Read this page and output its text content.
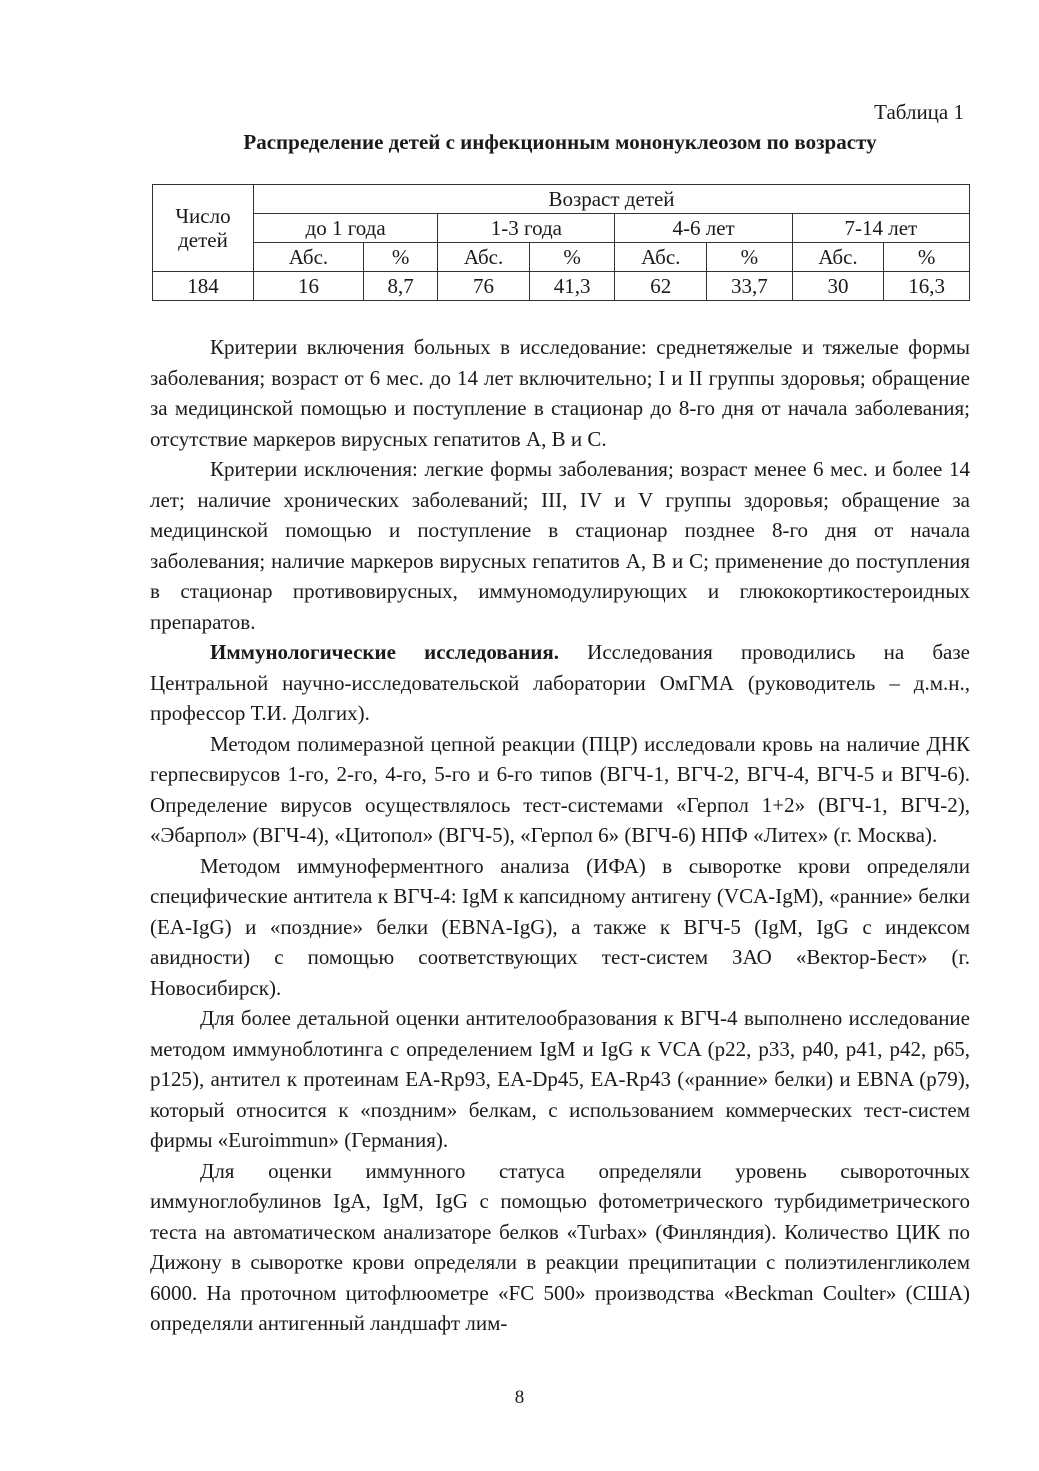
Таблица 1
Распределение детей с инфекционным мононуклеозом по возрасту
Число
детей	Возраст детей							
	до 1 года		1-3 года		4-6 лет		7-14 лет	
	Абс.	%	Абс.	%	Абс.	%	Абс.	%
184	16	8,7	76	41,3	62	33,7	30	16,3

Критерии включения больных в исследование: среднетяжелые и тяжелые формы заболевания; возраст от 6 мес. до 14 лет включительно; I и II группы здоровья; обращение за медицинской помощью и поступление в стационар до 8-го дня от начала заболевания; отсутствие маркеров вирусных гепатитов А, В и С.

Критерии исключения: легкие формы заболевания; возраст менее 6 мес. и более 14 лет; наличие хронических заболеваний; III, IV и V группы здоровья; обращение за медицинской помощью и поступление в стационар позднее 8-го дня от начала заболевания; наличие маркеров вирусных гепатитов А, В и С; применение до поступления в стационар противовирусных, иммуномодулирующих и глюкокортикостероидных препаратов.

Иммунологические исследования. Исследования проводились на базе Центральной научно-исследовательской лаборатории ОмГМА (руководитель – д.м.н., профессор Т.И. Долгих).

Методом полимеразной цепной реакции (ПЦР) исследовали кровь на наличие ДНК герпесвирусов 1-го, 2-го, 4-го, 5-го и 6-го типов (ВГЧ-1, ВГЧ-2, ВГЧ-4, ВГЧ-5 и ВГЧ-6). Определение вирусов осуществлялось тест-системами «Герпол 1+2» (ВГЧ-1, ВГЧ-2), «Эбарпол» (ВГЧ-4), «Цитопол» (ВГЧ-5), «Герпол 6» (ВГЧ-6) НПФ «Литех» (г. Москва).

Методом иммуноферментного анализа (ИФА) в сыворотке крови определяли специфические антитела к ВГЧ-4: IgM к капсидному антигену (VCA-IgM), «ранние» белки (EA-IgG) и «поздние» белки (EBNA-IgG), а также к ВГЧ-5 (IgM, IgG с индексом авидности) с помощью соответствующих тест-систем ЗАО «Вектор-Бест» (г. Новосибирск).

Для более детальной оценки антителообразования к ВГЧ-4 выполнено исследование методом иммуноблотинга с определением IgM и IgG к VCA (p22, p33, p40, p41, p42, p65, p125), антител к протеинам EA-Rp93, EA-Dp45, EA-Rp43 («ранние» белки) и EBNA (p79), который относится к «поздним» белкам, с использованием коммерческих тест-систем фирмы «Euroimmun» (Германия).

Для оценки иммунного статуса определяли уровень сывороточных иммуноглобулинов IgA, IgM, IgG с помощью фотометрического турбидиметрического теста на автоматическом анализаторе белков «Turbax» (Финляндия). Количество ЦИК по Дижону в сыворотке крови определяли в реакции преципитации с полиэтиленгликолем 6000. На проточном цитофлюометре «FC 500» производства «Beckman Coulter» (США) определяли антигенный ландшафт лим-

8
